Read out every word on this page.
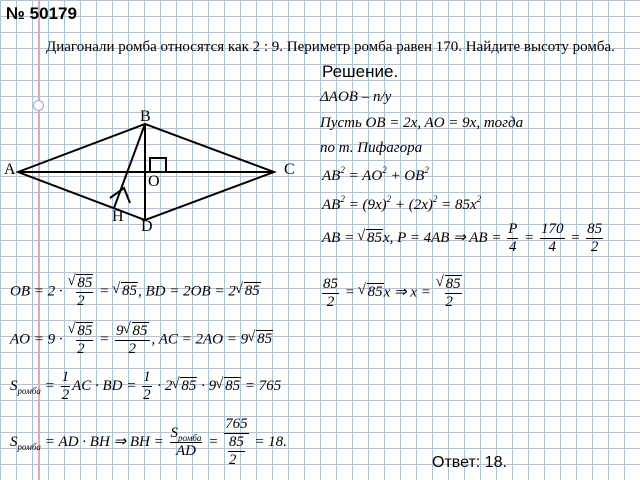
№ 50179
Диагонали ромба относятся как 2 : 9. Периметр ромба равен 170. Найдите высоту ромба.
B
C
A
O
H
D
Решение.
ΔAOB – п/у
Пусть OB = 2x, AO = 9x, тогда
по т. Пифагора
$AB^2 = AO^2 + OB^2$
$AB^2 = (9x)^2 + (2x)^2 = 85x^2$
AB = √ 85x, P = 4AB ⇒ AB = $\frac{P}{4} = \frac{170}{4} = \frac{85}{2}$
$\frac{85}{2}$ = √ 85x ⇒ x =
√ $\frac{85}{2}$
OB = 2 ·
√ $\frac{85}{2}$ = √ 85, BD = 2OB = 2√ 85
AO = 9 ·
√ $\frac{85}{2} = \frac{9√ 85}{2}$ , AC = 2AO = 9√ 85
$S_{ромба} = \frac{1}{2}$ AC · BD = $\frac{1}{2} \cdot 2√$ 85 · 9√ 85 = 765
$S_{ромба}$ = AD · BH ⇒ BH = $\frac{S_{ромба}}{AD} = \frac{765}{\frac{85}{2}} = 18$.
Ответ: 18.
